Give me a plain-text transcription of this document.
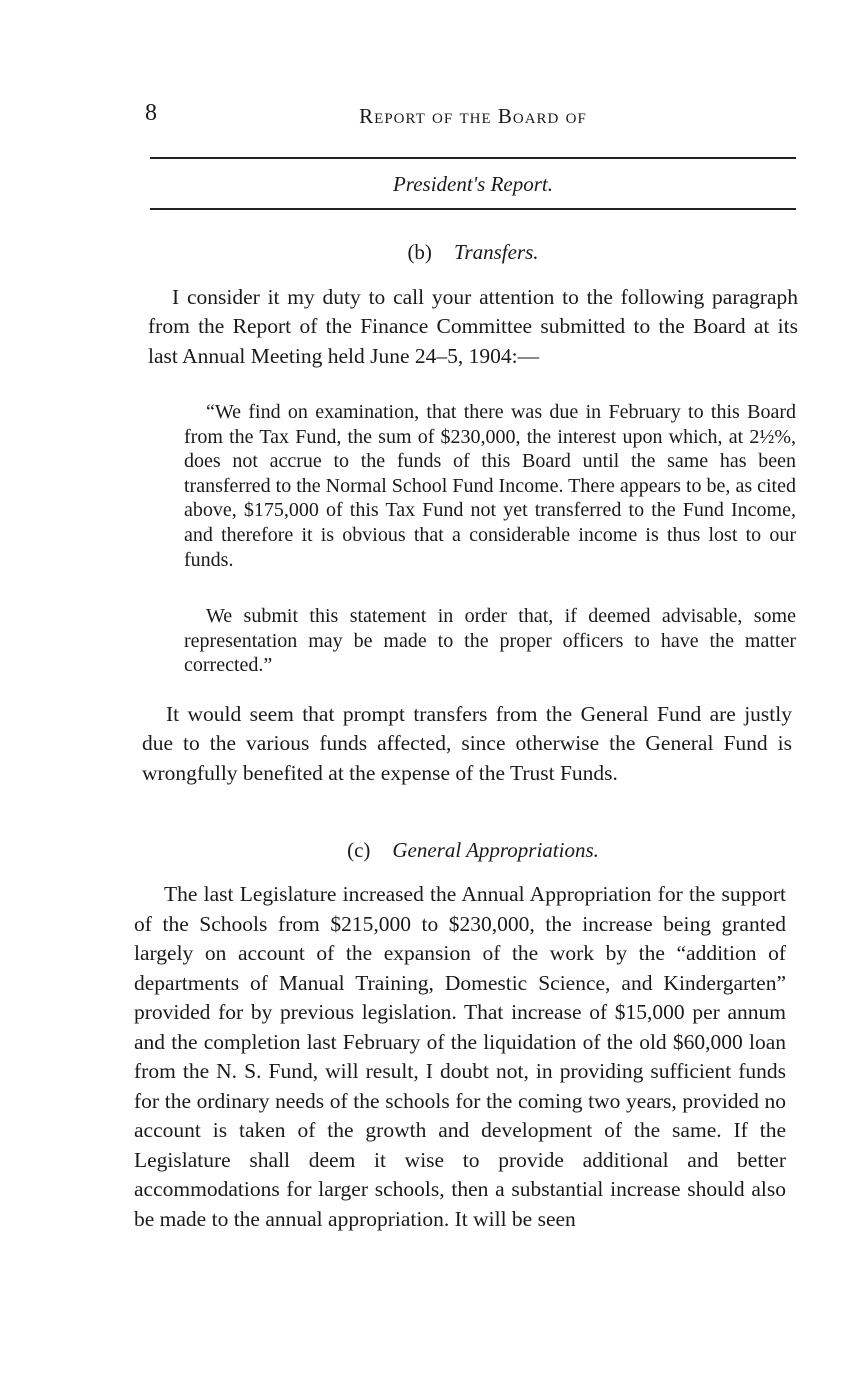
8	Report of the Board of
President's Report.
(b) Transfers.

I consider it my duty to call your attention to the following paragraph from the Report of the Finance Committee submitted to the Board at its last Annual Meeting held June 24–5, 1904:—

“We find on examination, that there was due in February to this Board from the Tax Fund, the sum of $230,000, the interest upon which, at 2½%, does not accrue to the funds of this Board until the same has been transferred to the Normal School Fund Income. There appears to be, as cited above, $175,000 of this Tax Fund not yet transferred to the Fund Income, and therefore it is obvious that a considerable income is thus lost to our funds.

We submit this statement in order that, if deemed advisable, some representation may be made to the proper officers to have the matter corrected.”

It would seem that prompt transfers from the General Fund are justly due to the various funds affected, since otherwise the General Fund is wrongfully benefited at the expense of the Trust Funds.

(c) General Appropriations.

The last Legislature increased the Annual Appropriation for the support of the Schools from $215,000 to $230,000, the increase being granted largely on account of the expansion of the work by the “addition of departments of Manual Training, Domestic Science, and Kindergarten” provided for by previous legislation. That increase of $15,000 per annum and the completion last February of the liquidation of the old $60,000 loan from the N. S. Fund, will result, I doubt not, in providing sufficient funds for the ordinary needs of the schools for the coming two years, provided no account is taken of the growth and development of the same. If the Legislature shall deem it wise to provide additional and better accommodations for larger schools, then a substantial increase should also be made to the annual appropriation. It will be seen
